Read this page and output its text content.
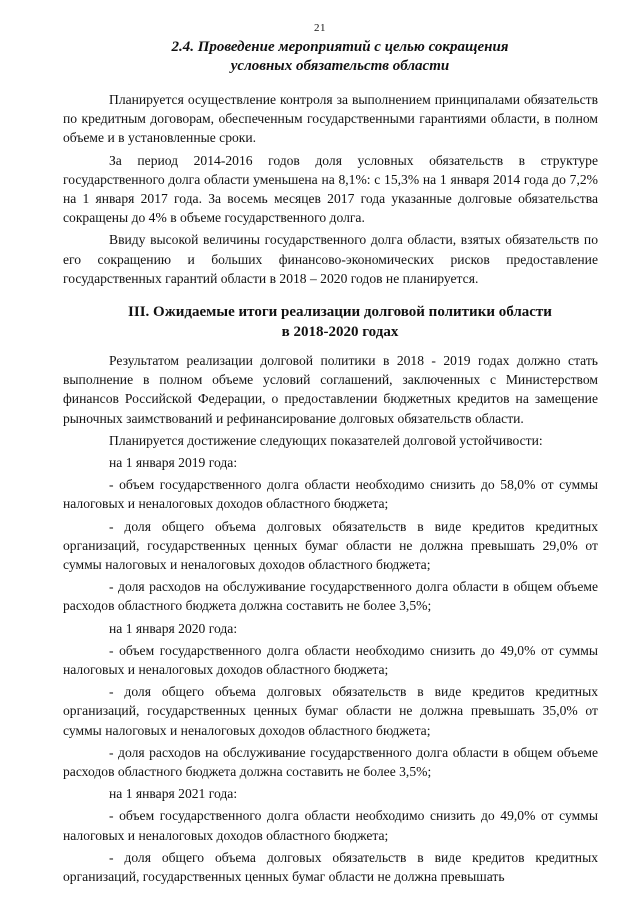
21
2.4. Проведение мероприятий с целью сокращения
условных обязательств области

Планируется осуществление контроля за выполнением принципалами обязательств по кредитным договорам, обеспеченным государственными гарантиями области, в полном объеме и в установленные сроки.

За период 2014-2016 годов доля условных обязательств в структуре государственного долга области уменьшена на 8,1%: с 15,3% на 1 января 2014 года до 7,2% на 1 января 2017 года. За восемь месяцев 2017 года указанные долговые обязательства сокращены до 4% в объеме государственного долга.

Ввиду высокой величины государственного долга области, взятых обязательств по его сокращению и больших финансово-экономических рисков предоставление государственных гарантий области в 2018 – 2020 годов не планируется.

III. Ожидаемые итоги реализации долговой политики области
в 2018-2020 годах

Результатом реализации долговой политики в 2018 - 2019 годах должно стать выполнение в полном объеме условий соглашений, заключенных с Министерством финансов Российской Федерации, о предоставлении бюджетных кредитов на замещение рыночных заимствований и рефинансирование долговых обязательств области.

Планируется достижение следующих показателей долговой устойчивости:

на 1 января 2019 года:

- объем государственного долга области необходимо снизить до 58,0% от суммы налоговых и неналоговых доходов областного бюджета;

- доля общего объема долговых обязательств в виде кредитов кредитных организаций, государственных ценных бумаг области не должна превышать 29,0% от суммы налоговых и неналоговых доходов областного бюджета;

- доля расходов на обслуживание государственного долга области в общем объеме расходов областного бюджета должна составить не более 3,5%;

на 1 января 2020 года:

- объем государственного долга области необходимо снизить до 49,0% от суммы налоговых и неналоговых доходов областного бюджета;

- доля общего объема долговых обязательств в виде кредитов кредитных организаций, государственных ценных бумаг области не должна превышать 35,0% от суммы налоговых и неналоговых доходов областного бюджета;

- доля расходов на обслуживание государственного долга области в общем объеме расходов областного бюджета должна составить не более 3,5%;

на 1 января 2021 года:

- объем государственного долга области необходимо снизить до 49,0% от суммы налоговых и неналоговых доходов областного бюджета;

- доля общего объема долговых обязательств в виде кредитов кредитных организаций, государственных ценных бумаг области не должна превышать
